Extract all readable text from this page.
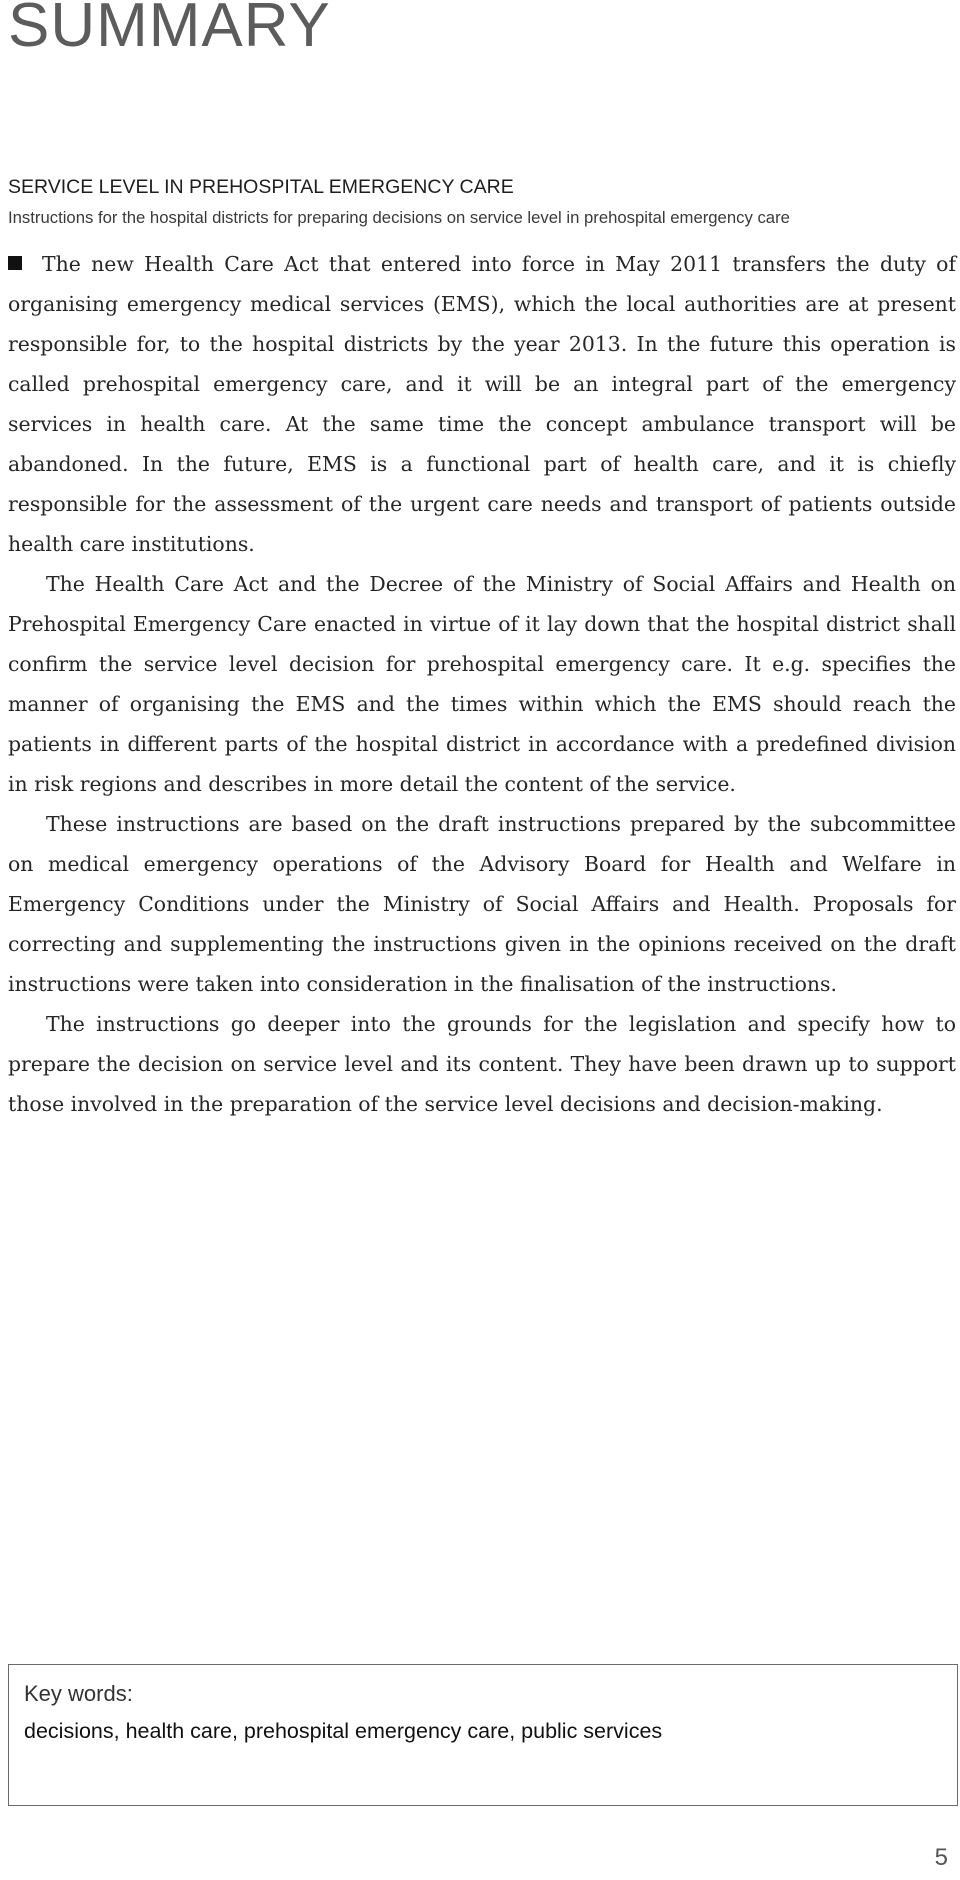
SUMMARY
SERVICE LEVEL IN PREHOSPITAL EMERGENCY CARE
Instructions for the hospital districts for preparing decisions on service level in prehospital emergency care

The new Health Care Act that entered into force in May 2011 transfers the duty of organising emergency medical services (EMS), which the local authorities are at present responsible for, to the hospital districts by the year 2013. In the future this operation is called prehospital emergency care, and it will be an integral part of the emergency services in health care. At the same time the concept ambulance transport will be abandoned. In the future, EMS is a functional part of health care, and it is chiefly responsible for the assessment of the urgent care needs and transport of patients outside health care institutions.

The Health Care Act and the Decree of the Ministry of Social Affairs and Health on Prehospital Emergency Care enacted in virtue of it lay down that the hospital district shall confirm the service level decision for prehospital emergency care. It e.g. specifies the manner of organising the EMS and the times within which the EMS should reach the patients in different parts of the hospital district in accordance with a predefined division in risk regions and describes in more detail the content of the service.

These instructions are based on the draft instructions prepared by the subcommittee on medical emergency operations of the Advisory Board for Health and Welfare in Emergency Conditions under the Ministry of Social Affairs and Health. Proposals for correcting and supplementing the instructions given in the opinions received on the draft instructions were taken into consideration in the finalisation of the instructions.

The instructions go deeper into the grounds for the legislation and specify how to prepare the decision on service level and its content. They have been drawn up to support those involved in the preparation of the service level decisions and decision-making.

Key words:
decisions, health care, prehospital emergency care, public services
5
